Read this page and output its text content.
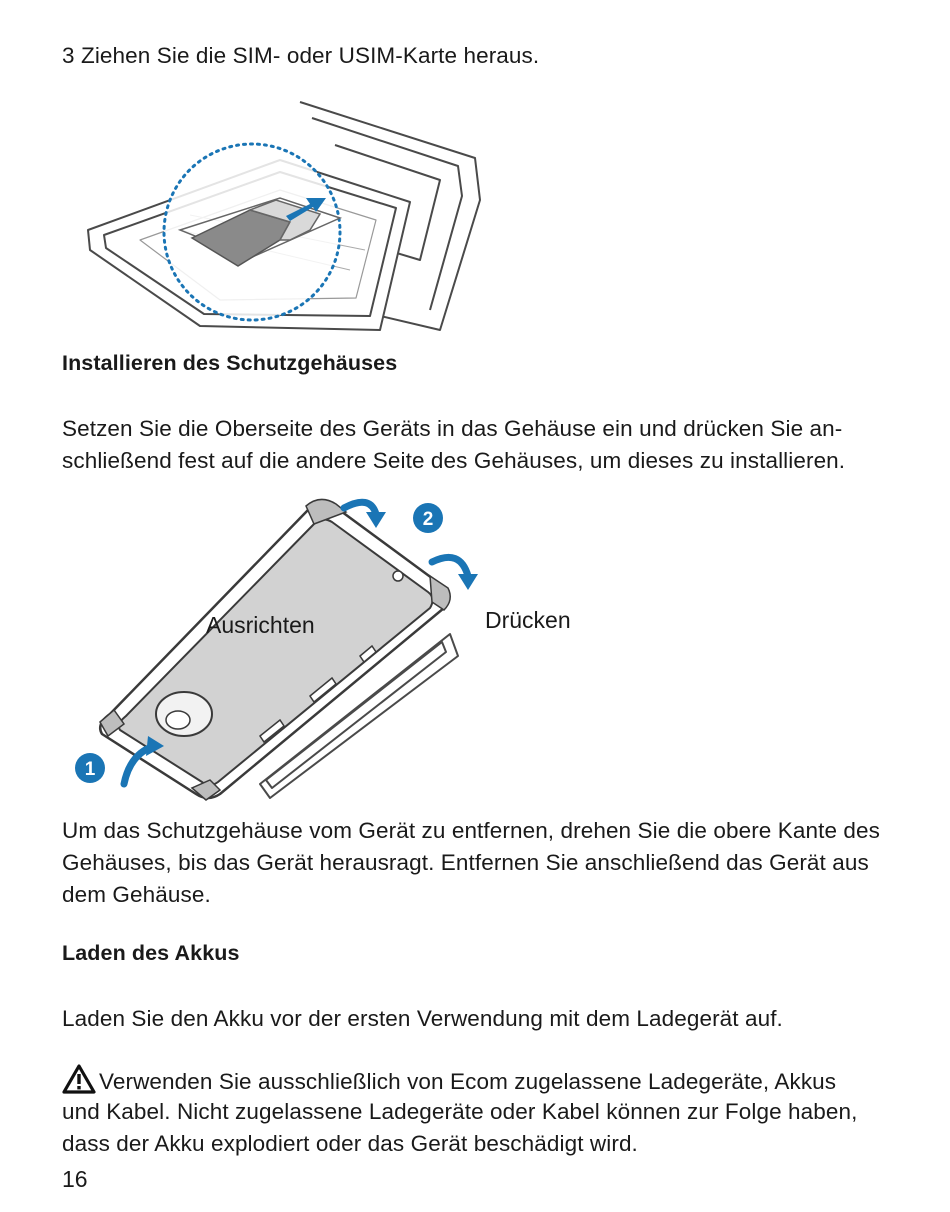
3 Ziehen Sie die SIM- oder USIM-Karte heraus.
Installieren des Schutzgehäuses
Setzen Sie die Oberseite des Geräts in das Gehäuse ein und drücken Sie an-
schließend fest auf die andere Seite des Gehäuses, um dieses zu installieren.
2
1
Ausrichten	Drücken
Um das Schutzgehäuse vom Gerät zu entfernen, drehen Sie die obere Kante des
Gehäuses, bis das Gerät herausragt. Entfernen Sie anschließend das Gerät aus
dem Gehäuse.
Laden des Akkus
Laden Sie den Akku vor der ersten Verwendung mit dem Ladegerät auf.
Verwenden Sie ausschließlich von Ecom zugelassene Ladegeräte, Akkus
und Kabel. Nicht zugelassene Ladegeräte oder Kabel können zur Folge haben,
dass der Akku explodiert oder das Gerät beschädigt wird.
16
